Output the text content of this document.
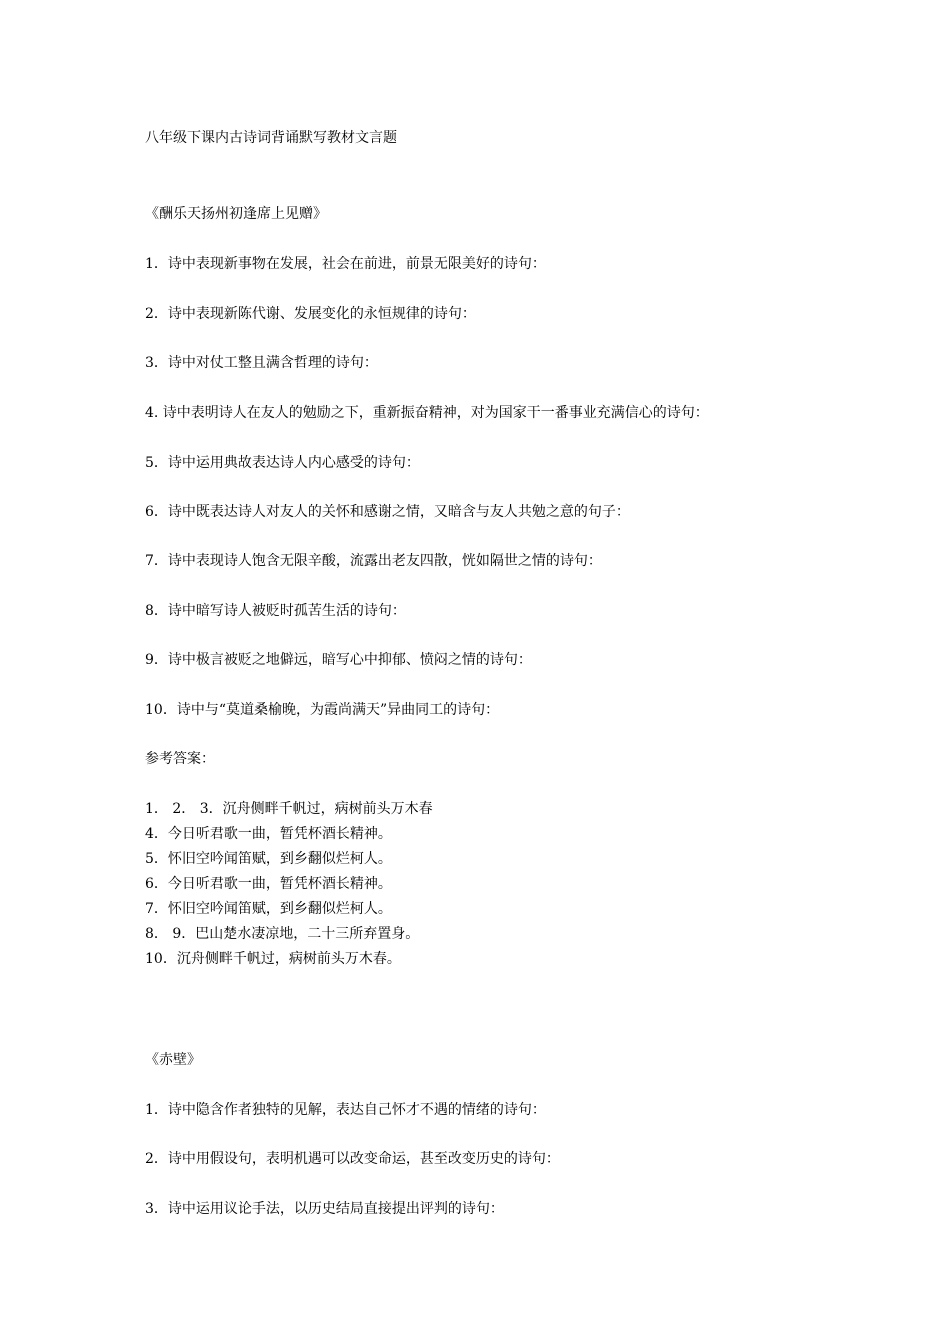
八年级下课内古诗词背诵默写教材文言题
《酬乐天扬州初逢席上见赠》
1．诗中表现新事物在发展，社会在前进，前景无限美好的诗句：
2．诗中表现新陈代谢、发展变化的永恒规律的诗句：
3．诗中对仗工整且满含哲理的诗句：
4. 诗中表明诗人在友人的勉励之下，重新振奋精神，对为国家干一番事业充满信心的诗句：
5．诗中运用典故表达诗人内心感受的诗句：
6．诗中既表达诗人对友人的关怀和感谢之情，又暗含与友人共勉之意的句子：
7．诗中表现诗人饱含无限辛酸，流露出老友四散，恍如隔世之情的诗句：
8．诗中暗写诗人被贬时孤苦生活的诗句：
9．诗中极言被贬之地僻远，暗写心中抑郁、愤闷之情的诗句：
10．诗中与“莫道桑榆晚，为霞尚满天”异曲同工的诗句：
参考答案：
1． 2． 3．沉舟侧畔千帆过，病树前头万木春
4．今日听君歌一曲，暂凭杯酒长精神。
5．怀旧空吟闻笛赋，到乡翻似烂柯人。
6．今日听君歌一曲，暂凭杯酒长精神。
7．怀旧空吟闻笛赋，到乡翻似烂柯人。
8． 9．巴山楚水凄凉地，二十三所弃置身。
10．沉舟侧畔千帆过，病树前头万木春。
《赤壁》
1．诗中隐含作者独特的见解，表达自己怀才不遇的情绪的诗句：
2．诗中用假设句，表明机遇可以改变命运，甚至改变历史的诗句：
3．诗中运用议论手法，以历史结局直接提出评判的诗句：
